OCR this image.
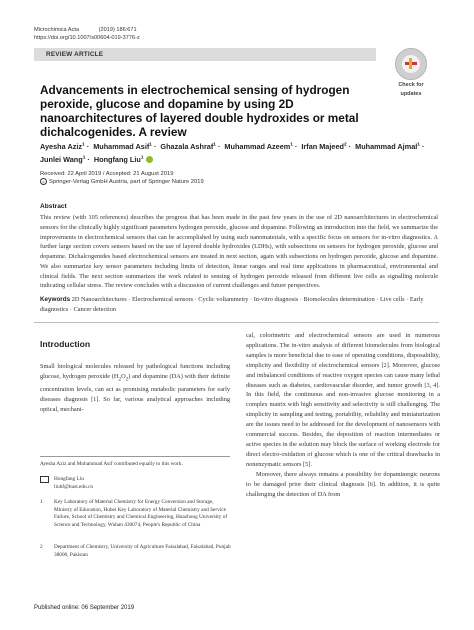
Microchimica Acta	(2019) 186:671
https://doi.org/10.1007/s00604-019-3776-z
REVIEW ARTICLE
Check for
updates
Advancements in electrochemical sensing of hydrogen peroxide, glucose and dopamine by using 2D nanoarchitectures of layered double hydroxides or metal dichalcogenides. A review
Ayesha Aziz$^1$ · Muhammad Asif$^1$ · Ghazala Ashraf$^1$ · Muhammad Azeem$^1$ · Irfan Majeed$^2$ · Muhammad Ajmal$^1$ ·
Junlei Wang$^1$ · Hongfang Liu$^1$
Received: 22 April 2019 / Accepted: 21 August 2019
c Springer-Verlag GmbH Austria, part of Springer Nature 2019
Abstract
This review (with 105 references) describes the progress that has been made in the past few years in the use of 2D nanoarchitectures in electrochemical sensors for the clinically highly significant parameters hydrogen peroxide, glucose and dopamine. Following an introduction into the field, we summarize the improvements in electrochemical sensors that can be accomplished by using such nanomaterials, with a specific focus on sensors for in-vitro diagnostics. A further large section covers sensors based on the use of layered double hydroxides (LDHs), with subsections on sensors for hydrogen peroxide, glucose and dopamine. Dichalcogenides based electrochemical sensors are treated in next section, again with subsections on hydrogen peroxide, glucose and dopamine. We also summarize key sensor parameters including limits of detection, linear ranges and real time applications in pharmaceutical, environmental and clinical fields. The next section summarizes the work related to sensing of hydrogen peroxide released from different live cells as signalling molecule indicating cellular stress. The review concludes with a discussion of current challenges and future perspectives.
Keywords 2D Nanoarchitectures · Electrochemical sensors · Cyclic voltammetry · In-vitro diagnosis · Biomolecules determination · Live cells · Early diagnostics · Cancer detection
Introduction
Small biological molecules released by pathological functions including glucose, hydrogen peroxide $(H_2O_2)$ and dopamine (DA) with their definite concentration levels, can act as promising metabolic parameters for early diseases diagnosis [1]. So far, various analytical approaches including optical, mechani-
Ayesha Aziz and Muhammad Asif contributed equally to this work.
Hongfang Liu
liuhf@hust.edu.cn
1 Key Laboratory of Material Chemistry for Energy Conversion and Storage, Ministry of Education, Hubei Key Laboratory of Material Chemistry and Service Failure, School of Chemistry and Chemical Engineering, Huazhong University of Science and Technology, Wuhan 430074, People's Republic of China
2 Department of Chemistry, University of Agriculture Faisalabad, Faisalabad, Punjab 38000, Pakistan
Published online: 06 September 2019

cal, colorimetric and electrochemical sensors are used in numerous applications. The in-vitro analysis of different biomolecules from biological samples is more beneficial due to ease of operating conditions, disposability, simplicity and flexibility of electrochemical sensors [2]. Moreover, glucose and imbalanced conditions of reactive oxygen species can cause many lethal diseases such as diabetes, cardiovascular disorder, and tumor growth [3, 4]. In this field, the continuous and non-invasive glucose monitoring in a complex matrix with high sensitivity and selectivity is still challenging. The simplicity in sampling and testing, portability, reliability and miniaturization are the issues need to be addressed for the development of nanosensors with commercial success. Besides, the deposition of reaction intermediates or active species in the solution may block the surface of working electrode for direct electro-oxidation of glucose which is one of the critical drawbacks in nonenzymatic sensors [5].

Moreover, there always remains a possibility for dopaminergic neurons to be damaged prior their clinical diagnosis [6]. In addition, it is quite challenging the detection of DA from
